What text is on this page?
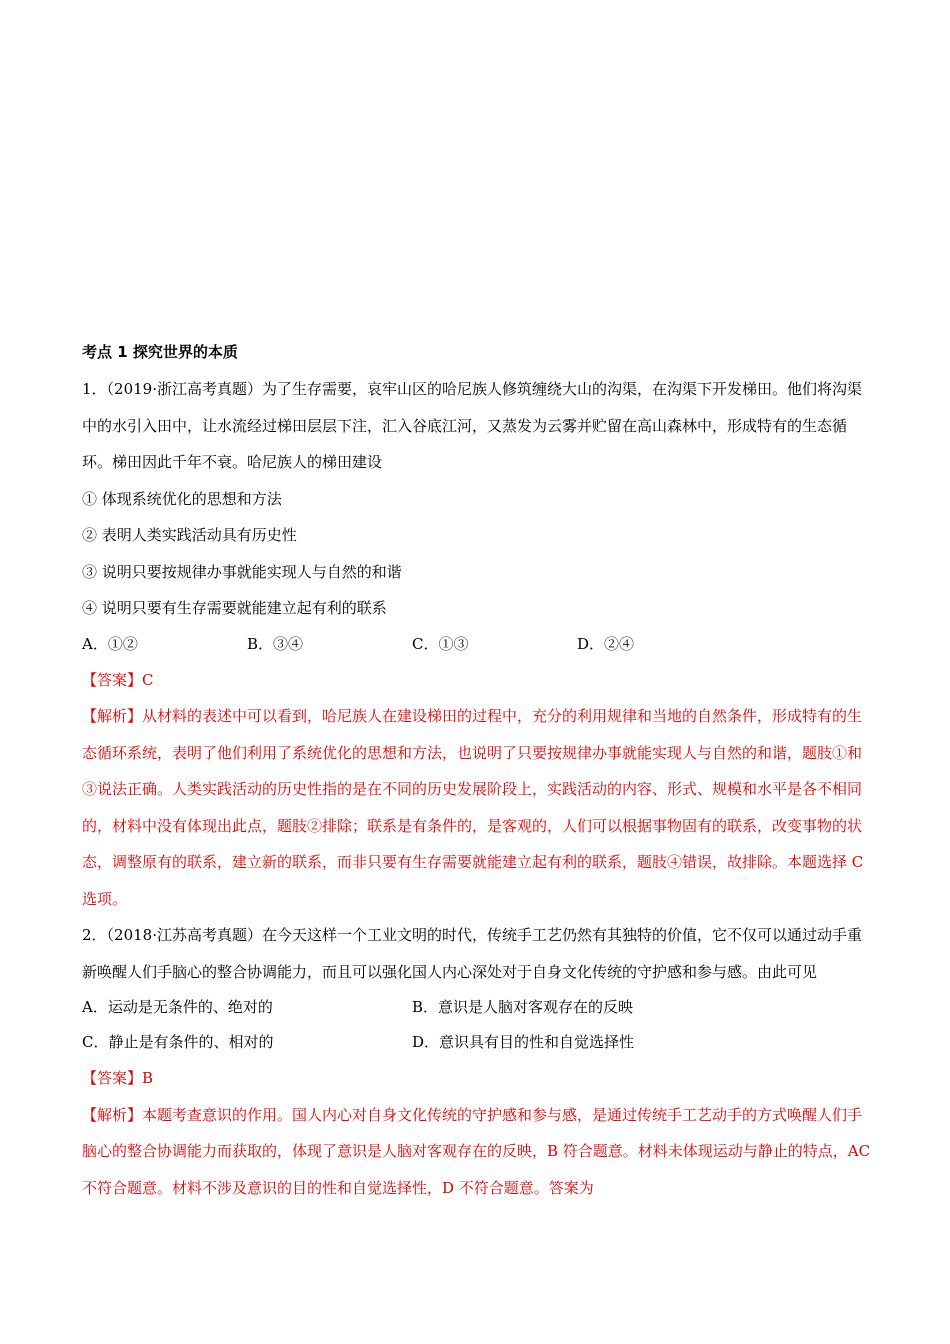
考点 1 探究世界的本质

1．（2019·浙江高考真题）为了生存需要，哀牢山区的哈尼族人修筑缠绕大山的沟渠，在沟渠下开发梯田。他们将沟渠中的水引入田中，让水流经过梯田层层下注，汇入谷底江河，又蒸发为云雾并贮留在高山森林中，形成特有的生态循环。梯田因此千年不衰。哈尼族人的梯田建设

① 体现系统优化的思想和方法

② 表明人类实践活动具有历史性

③ 说明只要按规律办事就能实现人与自然的和谐

④ 说明只要有生存需要就能建立起有利的联系

A．①②	B．③④	C．①③	D．②④

【答案】C

【解析】从材料的表述中可以看到，哈尼族人在建设梯田的过程中，充分的利用规律和当地的自然条件，形成特有的生态循环系统，表明了他们利用了系统优化的思想和方法，也说明了只要按规律办事就能实现人与自然的和谐，题肢①和③说法正确。人类实践活动的历史性指的是在不同的历史发展阶段上，实践活动的内容、形式、规模和水平是各不相同的，材料中没有体现出此点，题肢②排除；联系是有条件的，是客观的，人们可以根据事物固有的联系，改变事物的状态，调整原有的联系，建立新的联系，而非只要有生存需要就能建立起有利的联系，题肢④错误，故排除。本题选择 C 选项。

2．（2018·江苏高考真题）在今天这样一个工业文明的时代，传统手工艺仍然有其独特的价值，它不仅可以通过动手重新唤醒人们手脑心的整合协调能力，而且可以强化国人内心深处对于自身文化传统的守护感和参与感。由此可见

A．运动是无条件的、绝对的	B．意识是人脑对客观存在的反映
C．静止是有条件的、相对的	D．意识具有目的性和自觉选择性

【答案】B

【解析】本题考查意识的作用。国人内心对自身文化传统的守护感和参与感，是通过传统手工艺动手的方式唤醒人们手脑心的整合协调能力而获取的，体现了意识是人脑对客观存在的反映，B 符合题意。材料未体现运动与静止的特点，AC 不符合题意。材料不涉及意识的目的性和自觉选择性，D 不符合题意。答案为
